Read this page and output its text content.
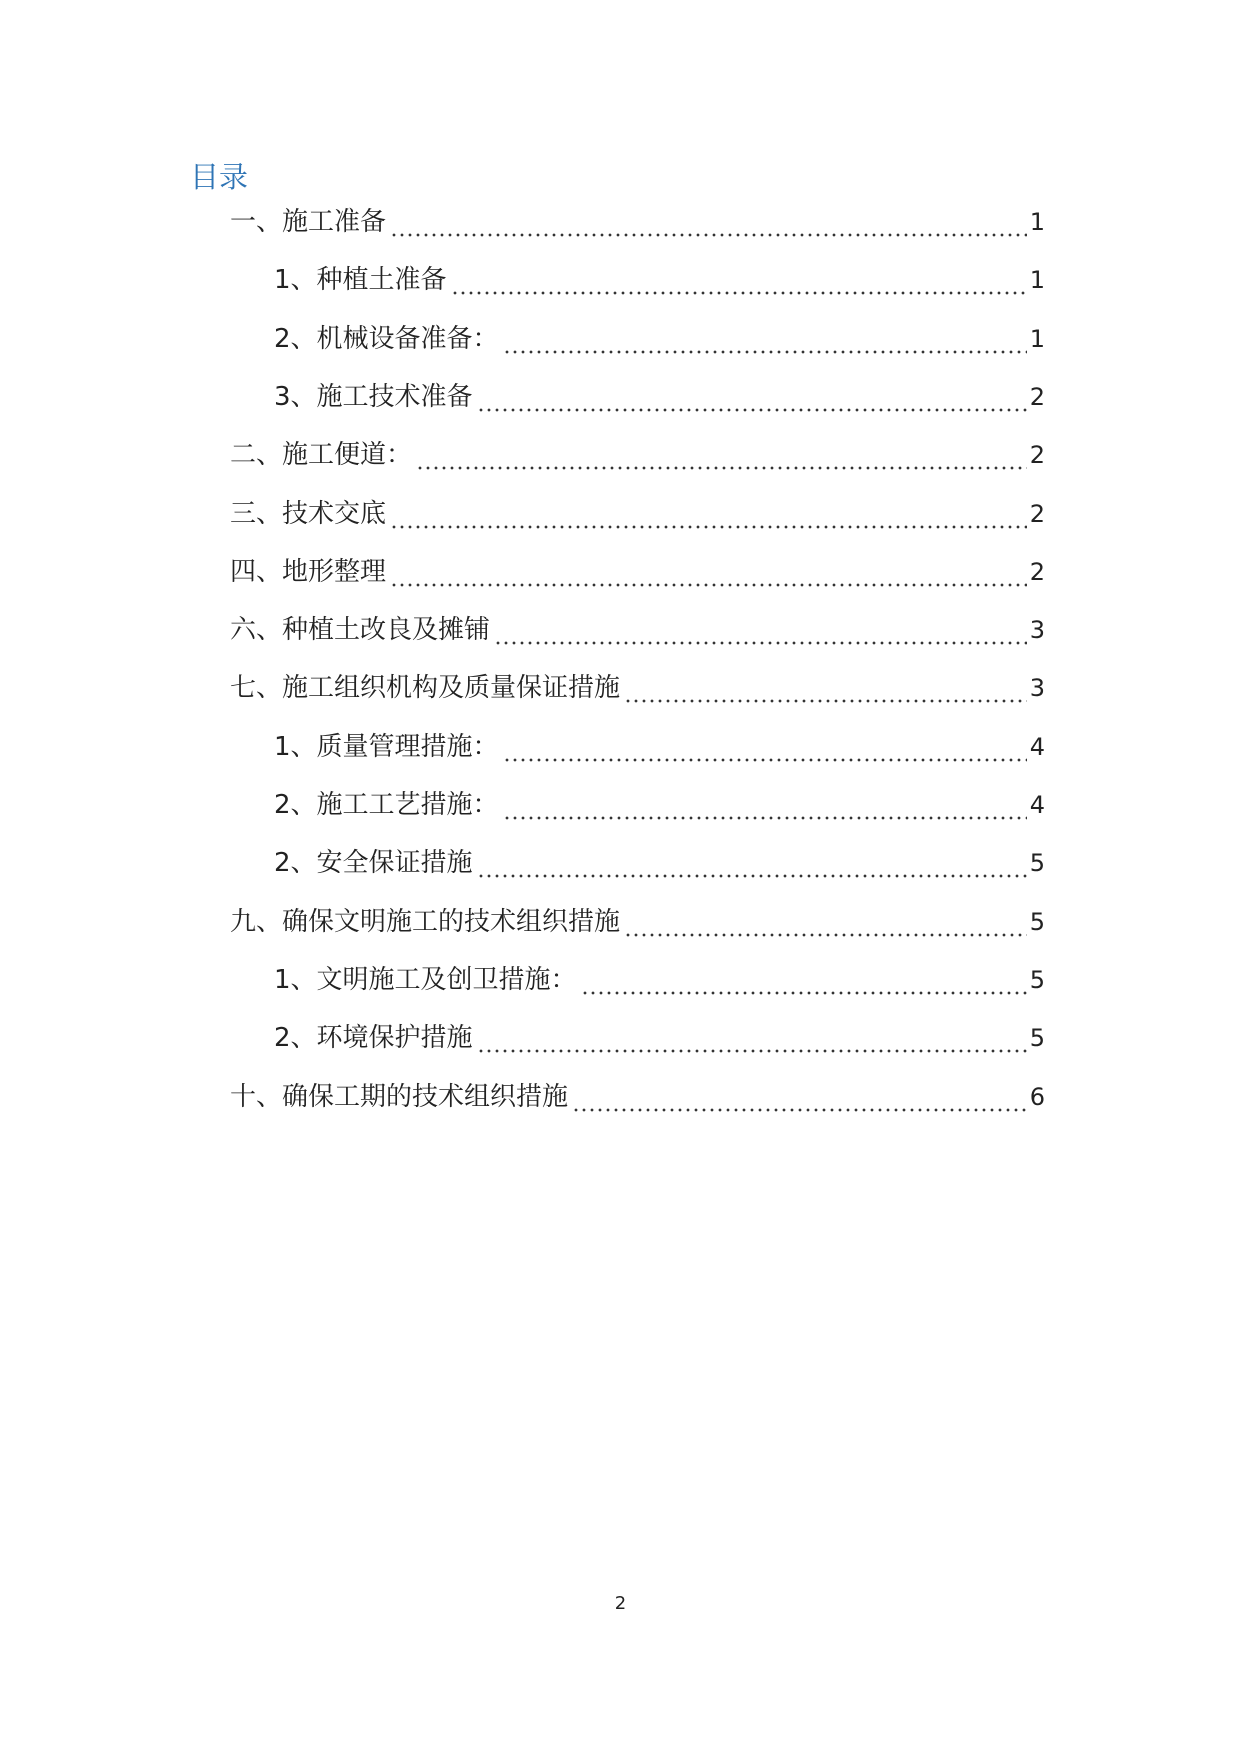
目录
一、 施工准备	1
1、 种植土准备	1
2、 机械设备准备：	1
3、 施工技术准备	2
二、 施工便道：	2
三、 技术交底	2
四、 地形整理	2
六、 种植土改良及摊铺	3
七、 施工组织机构及质量保证措施	3
1、 质量管理措施：	4
2、 施工工艺措施：	4
2、 安全保证措施	5
九、 确保文明施工的技术组织措施	5
1、 文明施工及创卫措施：	5
2、 环境保护措施	5
十、 确保工期的技术组织措施	6
2
